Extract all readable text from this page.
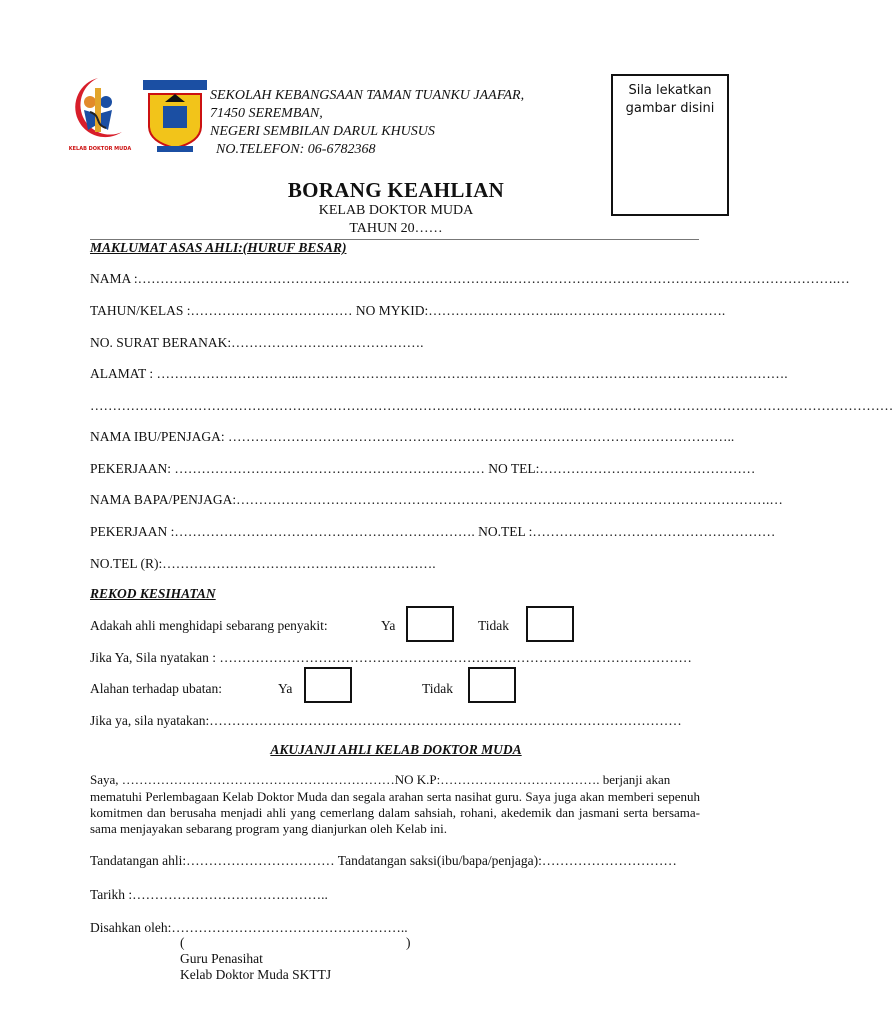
KELAB DOKTOR MUDA
SEKOLAH KEBANGSAAN TAMAN TUANKU JAAFAR,
71450 SEREMBAN,
NEGERI SEMBILAN DARUL KHUSUS
NO.TELEFON: 06-6782368
Sila lekatkan gambar disini
BORANG KEAHLIAN
KELAB DOKTOR MUDA
TAHUN 20……
MAKLUMAT ASAS AHLI:(HURUF BESAR)
NAMA :………………………………………………………………………..……………………………………………………………….…
TAHUN/KELAS :……………………………… NO MYKID:………….……………..……………………………….
NO. SURAT BERANAK:…………………………………….
ALAMAT : …………………………..……………………………………………………………………………………………….
……………………………………………………………………………………………..………………………………………………………………
NAMA IBU/PENJAGA: …………………………………………………………………………………………………..
PEKERJAAN: …………………………………………………………… NO TEL:…………………………………………
NAMA BAPA/PENJAGA:……………………………………………………………….……………………………………….…
PEKERJAAN :…………………………………………………………. NO.TEL :………………………………………………
NO.TEL (R):…………………………………………………….
REKOD KESIHATAN
Adakah ahli menghidapi sebarang penyakit:	Ya	Tidak
Jika Ya, Sila nyatakan : ……………………………………………………………………………………………
Alahan terhadap ubatan:	Ya	Tidak
Jika ya, sila nyatakan:……………………………………………………………………………………………
AKUJANJI AHLI KELAB DOKTOR MUDA
Saya, ………………………………………………………NO K.P:………………………………. berjanji akan
mematuhi Perlembagaan Kelab Doktor Muda dan segala arahan serta nasihat guru. Saya juga akan memberi sepenuh komitmen dan berusaha menjadi ahli yang cemerlang dalam sahsiah, rohani, akedemik dan jasmani serta bersama-sama menjayakan sebarang program yang dianjurkan oleh Kelab ini.
Tandatangan ahli:…………………………… Tandatangan saksi(ibu/bapa/penjaga):…………………………
Tarikh :……………………………………..
Disahkan oleh:……………………………………………..
(	)
Guru Penasihat
Kelab Doktor Muda SKTTJ
